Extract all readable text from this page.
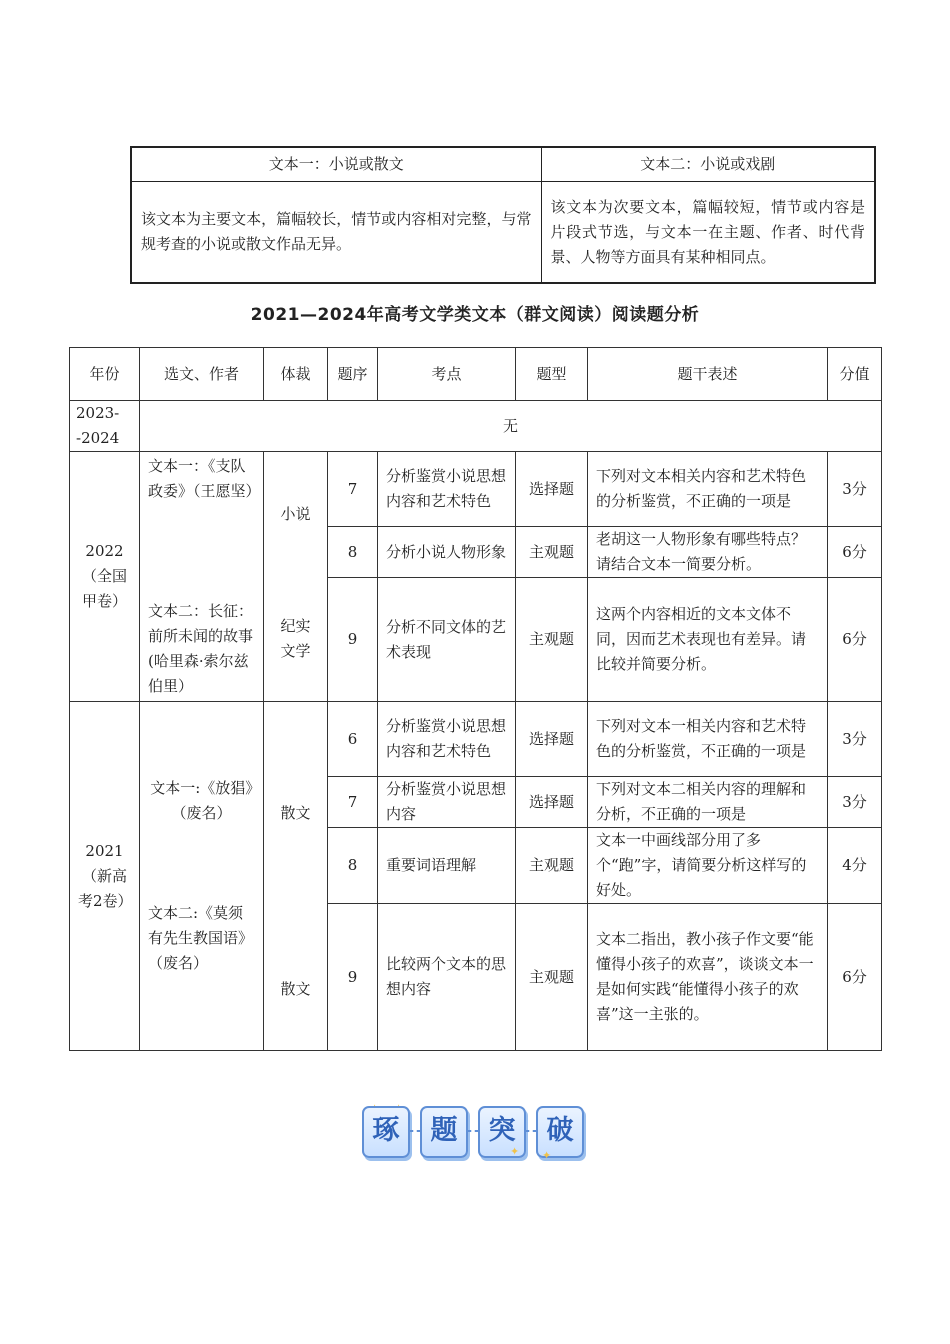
文本一：小说或散文	文本二：小说或戏剧
该文本为主要文本，篇幅较长，情节或内容相对完整，与常规考查的小说或散文作品无异。	该文本为次要文本，篇幅较短，情节或内容是片段式节选，与文本一在主题、作者、时代背景、人物等方面具有某种相同点。
2021—2024年高考文学类文本（群文阅读）阅读题分析
年份	选文、作者	体裁	题序	考点	题型	题干表述	分值
2023--2024	无						
2022（全国甲卷）	文本一：《支队政委》（王愿坚）	小说	7	分析鉴赏小说思想内容和艺术特色	选择题	下列对文本相关内容和艺术特色的分析鉴赏，不正确的一项是	3分
	文本二：长征：前所未闻的故事(哈里森·索尔兹伯里）		8	分析小说人物形象	主观题	老胡这一人物形象有哪些特点？请结合文本一简要分析。	6分
		纪实文学	9	分析不同文体的艺术表现	主观题	这两个内容相近的文本文体不同，因而艺术表现也有差异。请比较并简要分析。	6分
2021（新高考2卷）	文本一:《放猖》（废名）	散文	6	分析鉴赏小说思想内容和艺术特色	选择题	下列对文本一相关内容和艺术特色的分析鉴赏，不正确的一项是	3分
			7	分析鉴赏小说思想内容	选择题	下列对文本二相关内容的理解和分析，不正确的一项是	3分
	文本二:《莫须有先生教国语》（废名）	散文	8	重要词语理解	主观题	文本一中画线部分用了多个“跑”字，请简要分析这样写的好处。	4分
			9	比较两个文本的思想内容	主观题	文本二指出，教小孩子作文要“能懂得小孩子的欢喜”，谈谈文本一是如何实践“能懂得小孩子的欢喜”这一主张的。	6分
琢	题	突	破
✦ ✦
